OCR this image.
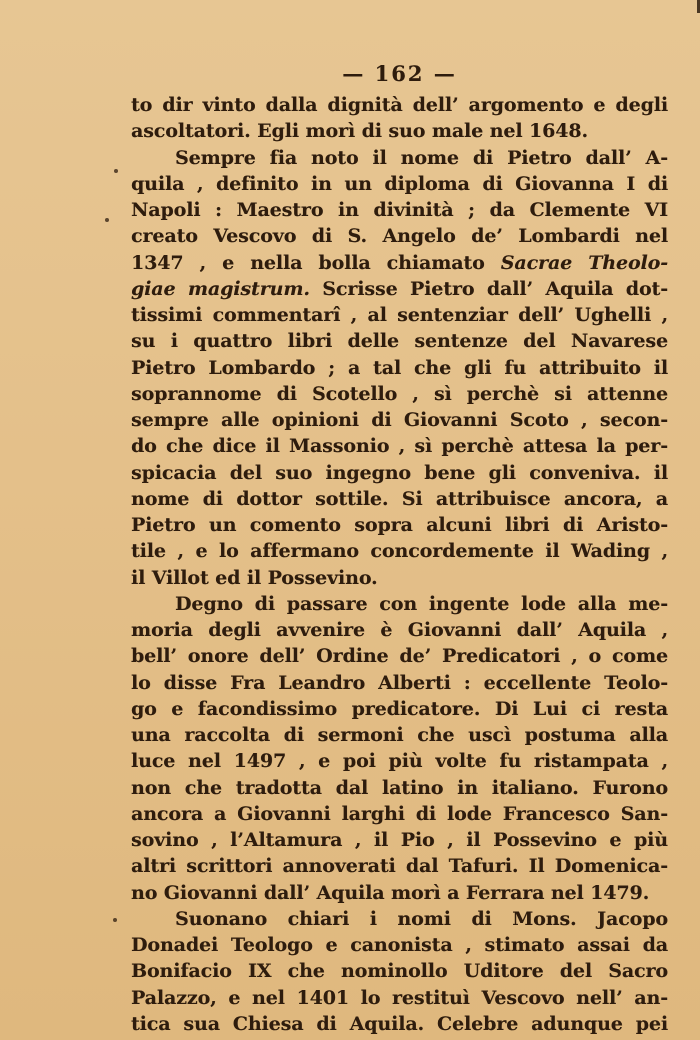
— 162 —
to dir vinto dalla dignità dell’ argomento e degli
ascoltatori. Egli morì di suo male nel 1648.
Sempre fia noto il nome di Pietro dall’ A-
quila , definito in un diploma di Giovanna I di
Napoli : Maestro in divinità ; da Clemente VI
creato Vescovo di S. Angelo de’ Lombardi nel
1347 , e nella bolla chiamato Sacrae Theolo-
giae magistrum. Scrisse Pietro dall’ Aquila dot-
tissimi commentarî , al sentenziar dell’ Ughelli ,
su i quattro libri delle sentenze del Navarese
Pietro Lombardo ; a tal che gli fu attribuito il
soprannome di Scotello , sì perchè si attenne
sempre alle opinioni di Giovanni Scoto , secon-
do che dice il Massonio , sì perchè attesa la per-
spicacia del suo ingegno bene gli conveniva. il
nome di dottor sottile. Si attribuisce ancora, a
Pietro un comento sopra alcuni libri di Aristo-
tile , e lo affermano concordemente il Wading ,
il Villot ed il Possevino.
Degno di passare con ingente lode alla me-
moria degli avvenire è Giovanni dall’ Aquila ,
bell’ onore dell’ Ordine de’ Predicatori , o come
lo disse Fra Leandro Alberti : eccellente Teolo-
go e facondissimo predicatore. Di Lui ci resta
una raccolta di sermoni che uscì postuma alla
luce nel 1497 , e poi più volte fu ristampata ,
non che tradotta dal latino in italiano. Furono
ancora a Giovanni larghi di lode Francesco San-
sovino , l’Altamura , il Pio , il Possevino e più
altri scrittori annoverati dal Tafuri. Il Domenica-
no Giovanni dall’ Aquila morì a Ferrara nel 1479.
Suonano chiari i nomi di Mons. Jacopo
Donadei Teologo e canonista , stimato assai da
Bonifacio IX che nominollo Uditore del Sacro
Palazzo, e nel 1401 lo restituì Vescovo nell’ an-
tica sua Chiesa di Aquila. Celebre adunque pei
